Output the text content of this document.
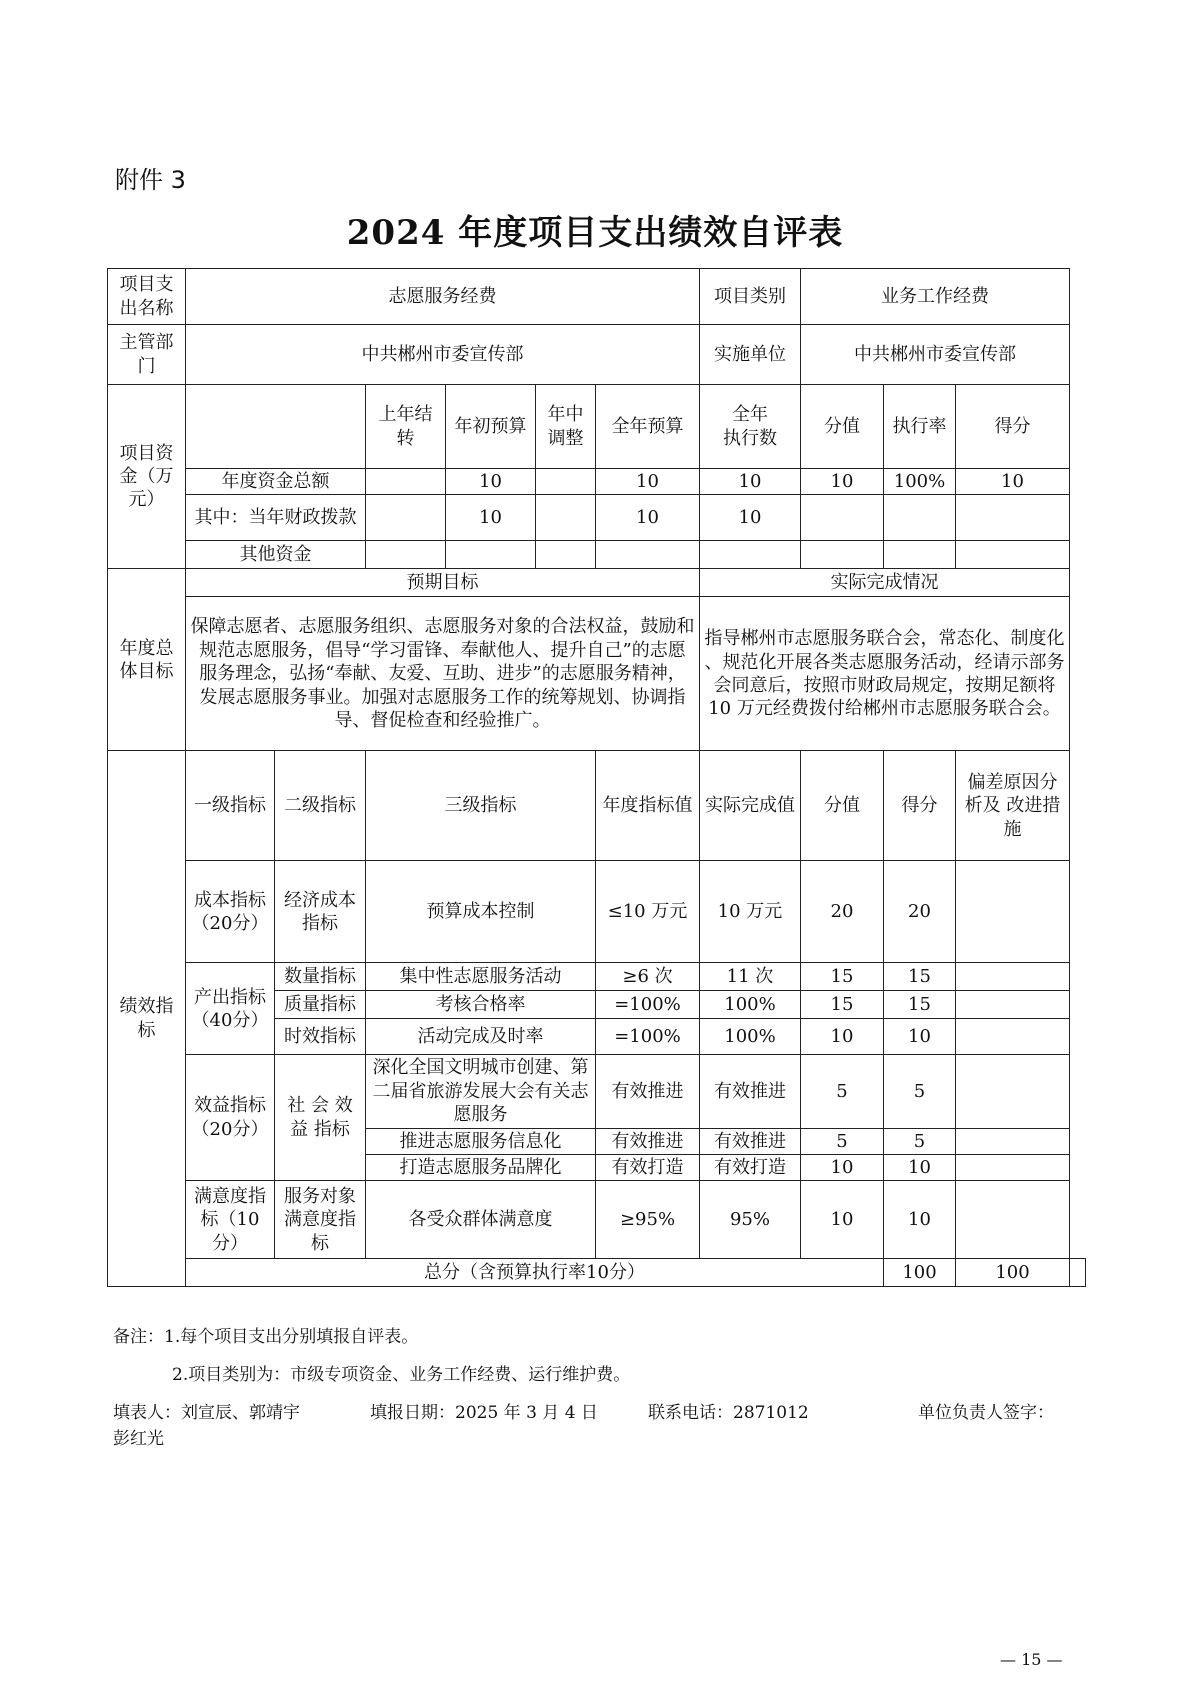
附件 3
2024 年度项目支出绩效自评表
项目支出名称	志愿服务经费						项目类别	业务工作经费			
主管部门	中共郴州市委宣传部						实施单位	中共郴州市委宣传部			
项目资金（万元）			上年结转	年初预算	年中调整	全年预算	全年
执行数	分值	执行率	得分	
	年度资金总额			10		10	10	10	100%	10	
	其中：当年财政拨款			10		10	10				
	其他资金										
年度总体目标	预期目标						实际完成情况				
	保障志愿者、志愿服务组织、志愿服务对象的合法权益，鼓励和 规范志愿服务，倡导“学习雷锋、奉献他人、提升自己”的志愿 服务理念，弘扬“奉献、友爱、互助、进步”的志愿服务精神， 发展志愿服务事业。加强对志愿服务工作的统筹规划、协调指导、督促检查和经验推广。						指导郴州市志愿服务联合会，常态化、制度化 、规范化开展各类志愿服务活动，经请示部务 会同意后，按照市财政局规定，按期足额将 10 万元经费拨付给郴州市志愿服务联合会。				
绩效指标	一级指标	二级指标	三级指标			年度指标值	实际完成值	分值	得分	偏差原因分 析及 改进措施	
	成本指标（20分）	经济成本指标	预算成本控制			≤10 万元	10 万元	20	20		
	产出指标（40分）	数量指标	集中性志愿服务活动			≥6 次	11 次	15	15		
		质量指标	考核合格率			=100%	100%	15	15		
		时效指标	活动完成及时率			=100%	100%	10	10		
	效益指标（20分）	社 会 效 益 指标	深化全国文明城市创建、第 二届省旅游发展大会有关志愿服务			有效推进	有效推进	5	5		
			推进志愿服务信息化			有效推进	有效推进	5	5		
			打造志愿服务品牌化			有效打造	有效打造	10	10		
	满意度指标（10分）	服务对象满意度指标	各受众群体满意度			≥95%	95%	10	10		
	总分（含预算执行率10分）								100	100	
备注：1.每个项目支出分别填报自评表。
2.项目类别为：市级专项资金、业务工作经费、运行维护费。
填表人：刘宣辰、郭靖宇	填报日期：2025 年 3 月 4 日	联系电话：2871012	单位负责人签字：
彭红光
— 15 —
